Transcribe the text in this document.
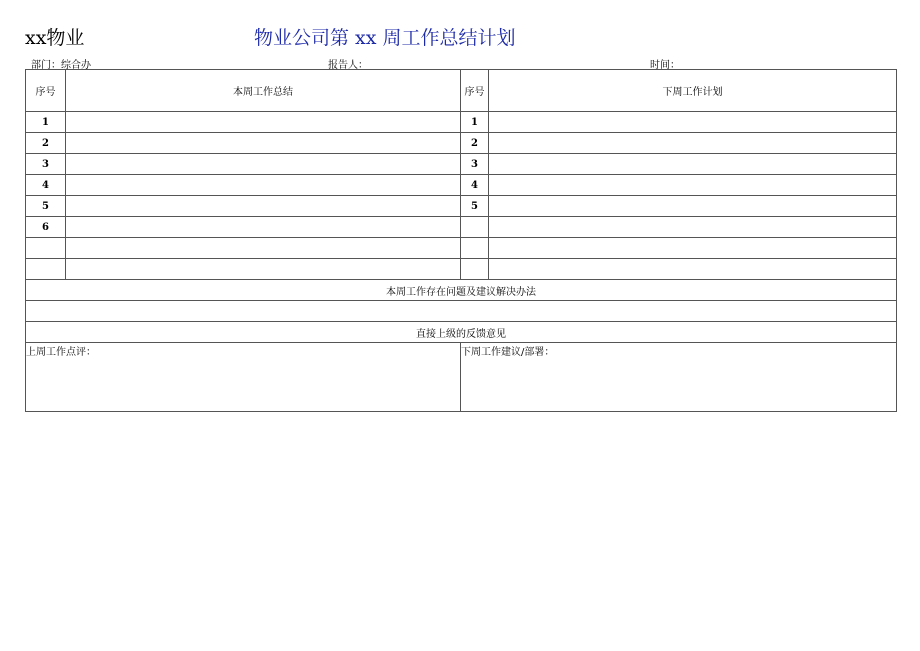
xx物业	物业公司第 xx 周工作总结计划
部门：综合办	报告人：	时间：
序号	本周工作总结	序号	下周工作计划
1		1	
2		2	
3		3	
4		4	
5		5	
6			

本周工作存在问题及建议解决办法			

直接上级的反馈意见			
上周工作点评：		下周工作建议/部署：	
